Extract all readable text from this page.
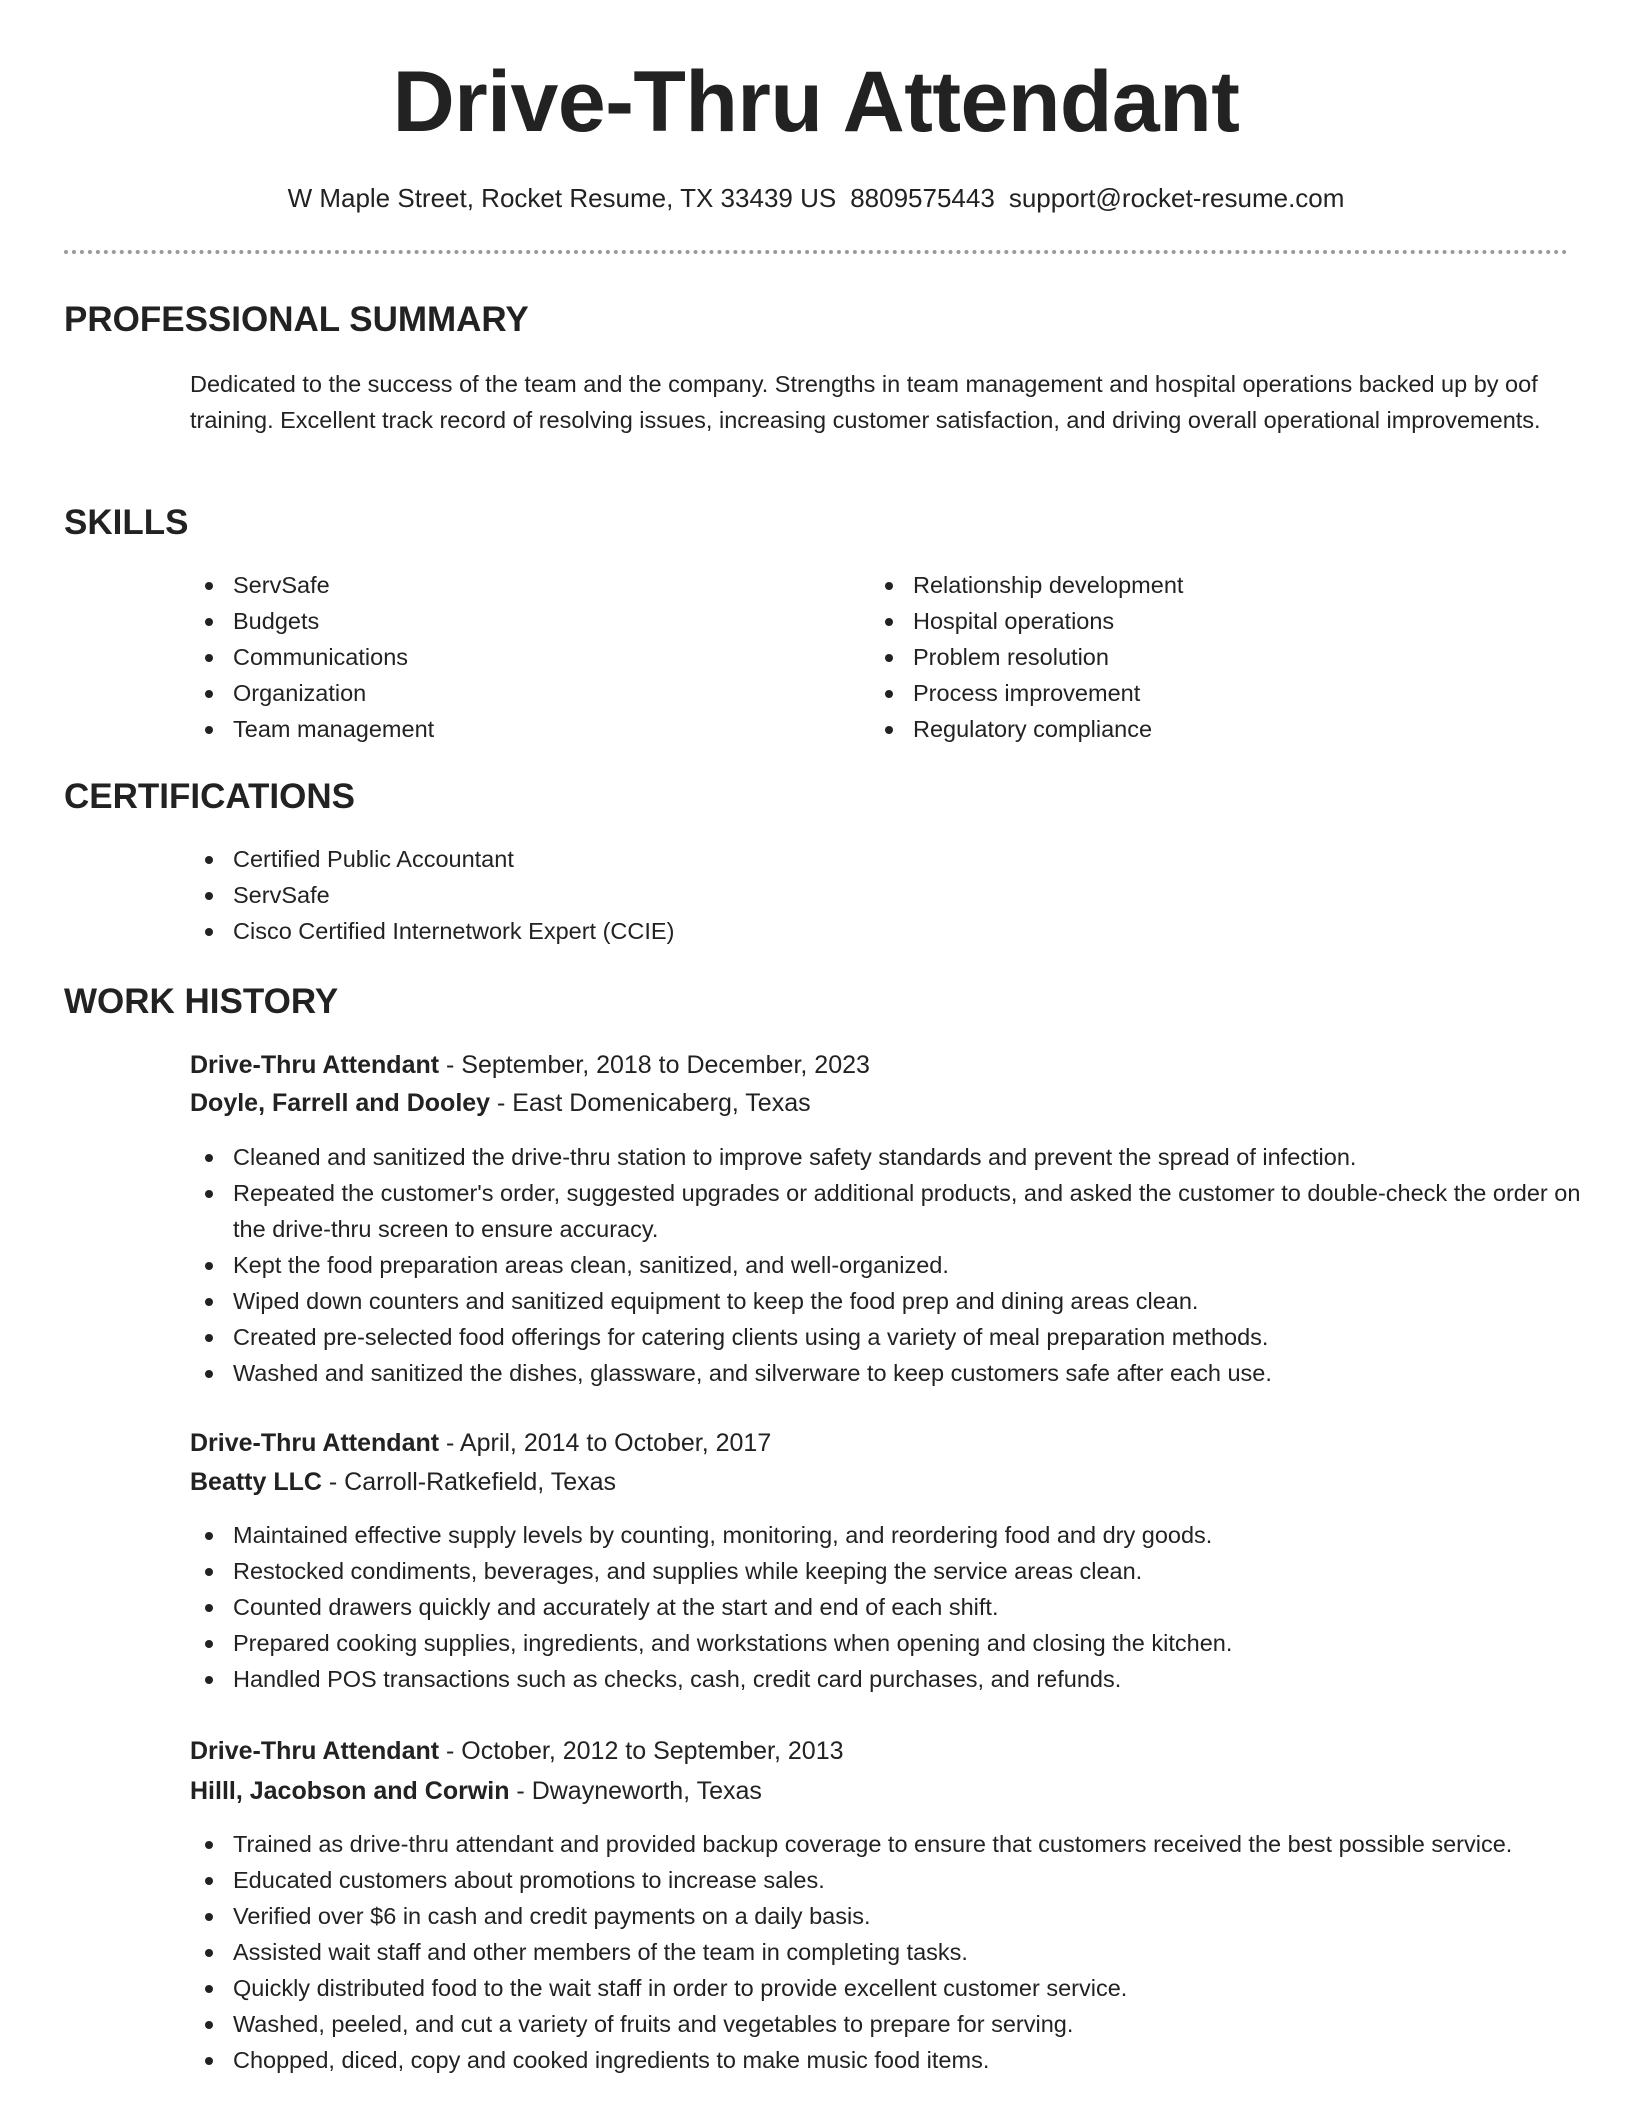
Drive-Thru Attendant
W Maple Street, Rocket Resume, TX 33439 US 8809575443 support@rocket-resume.com
PROFESSIONAL SUMMARY

Dedicated to the success of the team and the company. Strengths in team management and hospital operations backed up by oof training. Excellent track record of resolving issues, increasing customer satisfaction, and driving overall operational improvements.

SKILLS
ServSafe
Budgets
Communications
Organization
Team management
Relationship development
Hospital operations
Problem resolution
Process improvement
Regulatory compliance
CERTIFICATIONS
Certified Public Accountant
ServSafe
Cisco Certified Internetwork Expert (CCIE)
WORK HISTORY
Drive-Thru Attendant - September, 2018 to December, 2023
Doyle, Farrell and Dooley - East Domenicaberg, Texas
Cleaned and sanitized the drive-thru station to improve safety standards and prevent the spread of infection.
Repeated the customer's order, suggested upgrades or additional products, and asked the customer to double-check the order on the drive-thru screen to ensure accuracy.
Kept the food preparation areas clean, sanitized, and well-organized.
Wiped down counters and sanitized equipment to keep the food prep and dining areas clean.
Created pre-selected food offerings for catering clients using a variety of meal preparation methods.
Washed and sanitized the dishes, glassware, and silverware to keep customers safe after each use.
Drive-Thru Attendant - April, 2014 to October, 2017
Beatty LLC - Carroll-Ratkefield, Texas
Maintained effective supply levels by counting, monitoring, and reordering food and dry goods.
Restocked condiments, beverages, and supplies while keeping the service areas clean.
Counted drawers quickly and accurately at the start and end of each shift.
Prepared cooking supplies, ingredients, and workstations when opening and closing the kitchen.
Handled POS transactions such as checks, cash, credit card purchases, and refunds.
Drive-Thru Attendant - October, 2012 to September, 2013
Hilll, Jacobson and Corwin - Dwayneworth, Texas
Trained as drive-thru attendant and provided backup coverage to ensure that customers received the best possible service.
Educated customers about promotions to increase sales.
Verified over $6 in cash and credit payments on a daily basis.
Assisted wait staff and other members of the team in completing tasks.
Quickly distributed food to the wait staff in order to provide excellent customer service.
Washed, peeled, and cut a variety of fruits and vegetables to prepare for serving.
Chopped, diced, copy and cooked ingredients to make music food items.
